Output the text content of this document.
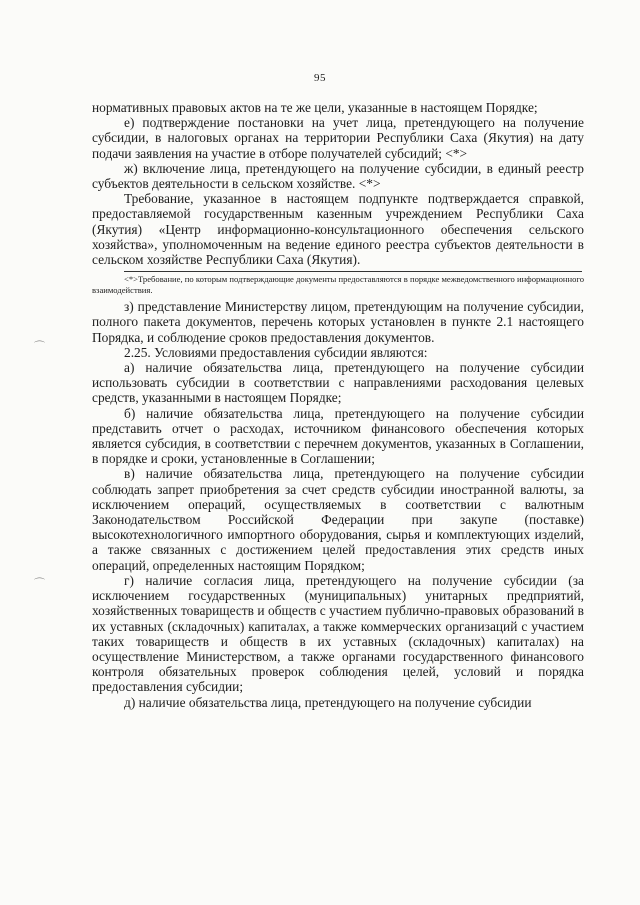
95
⌒
⌒

нормативных правовых актов на те же цели, указанные в настоящем Порядке;

е) подтверждение постановки на учет лица, претендующего на получение субсидии, в налоговых органах на территории Республики Саха (Якутия) на дату подачи заявления на участие в отборе получателей субсидий; <*>

ж) включение лица, претендующего на получение субсидии, в единый реестр субъектов деятельности в сельском хозяйстве. <*>

Требование, указанное в настоящем подпункте подтверждается справкой, предоставляемой государственным казенным учреждением Республики Саха (Якутия) «Центр информационно-консультационного обеспечения сельского хозяйства», уполномоченным на ведение единого реестра субъектов деятельности в сельском хозяйстве Республики Саха (Якутия).

<*>Требование, по которым подтверждающие документы предоставляются в порядке межведомственного информационного взаимодействия.

з) представление Министерству лицом, претендующим на получение субсидии, полного пакета документов, перечень которых установлен в пункте 2.1 настоящего Порядка, и соблюдение сроков предоставления документов.

2.25. Условиями предоставления субсидии являются:

а) наличие обязательства лица, претендующего на получение субсидии использовать субсидии в соответствии с направлениями расходования целевых средств, указанными в настоящем Порядке;

б) наличие обязательства лица, претендующего на получение субсидии представить отчет о расходах, источником финансового обеспечения которых является субсидия, в соответствии с перечнем документов, указанных в Соглашении, в порядке и сроки, установленные в Соглашении;

в) наличие обязательства лица, претендующего на получение субсидии соблюдать запрет приобретения за счет средств субсидии иностранной валюты, за исключением операций, осуществляемых в соответствии с валютным Законодательством Российской Федерации при закупе (поставке) высокотехнологичного импортного оборудования, сырья и комплектующих изделий, а также связанных с достижением целей предоставления этих средств иных операций, определенных настоящим Порядком;

г) наличие согласия лица, претендующего на получение субсидии (за исключением государственных (муниципальных) унитарных предприятий, хозяйственных товариществ и обществ с участием публично-правовых образований в их уставных (складочных) капиталах, а также коммерческих организаций с участием таких товариществ и обществ в их уставных (складочных) капиталах) на осуществление Министерством, а также органами государственного финансового контроля обязательных проверок соблюдения целей, условий и порядка предоставления субсидии;

д) наличие обязательства лица, претендующего на получение субсидии
